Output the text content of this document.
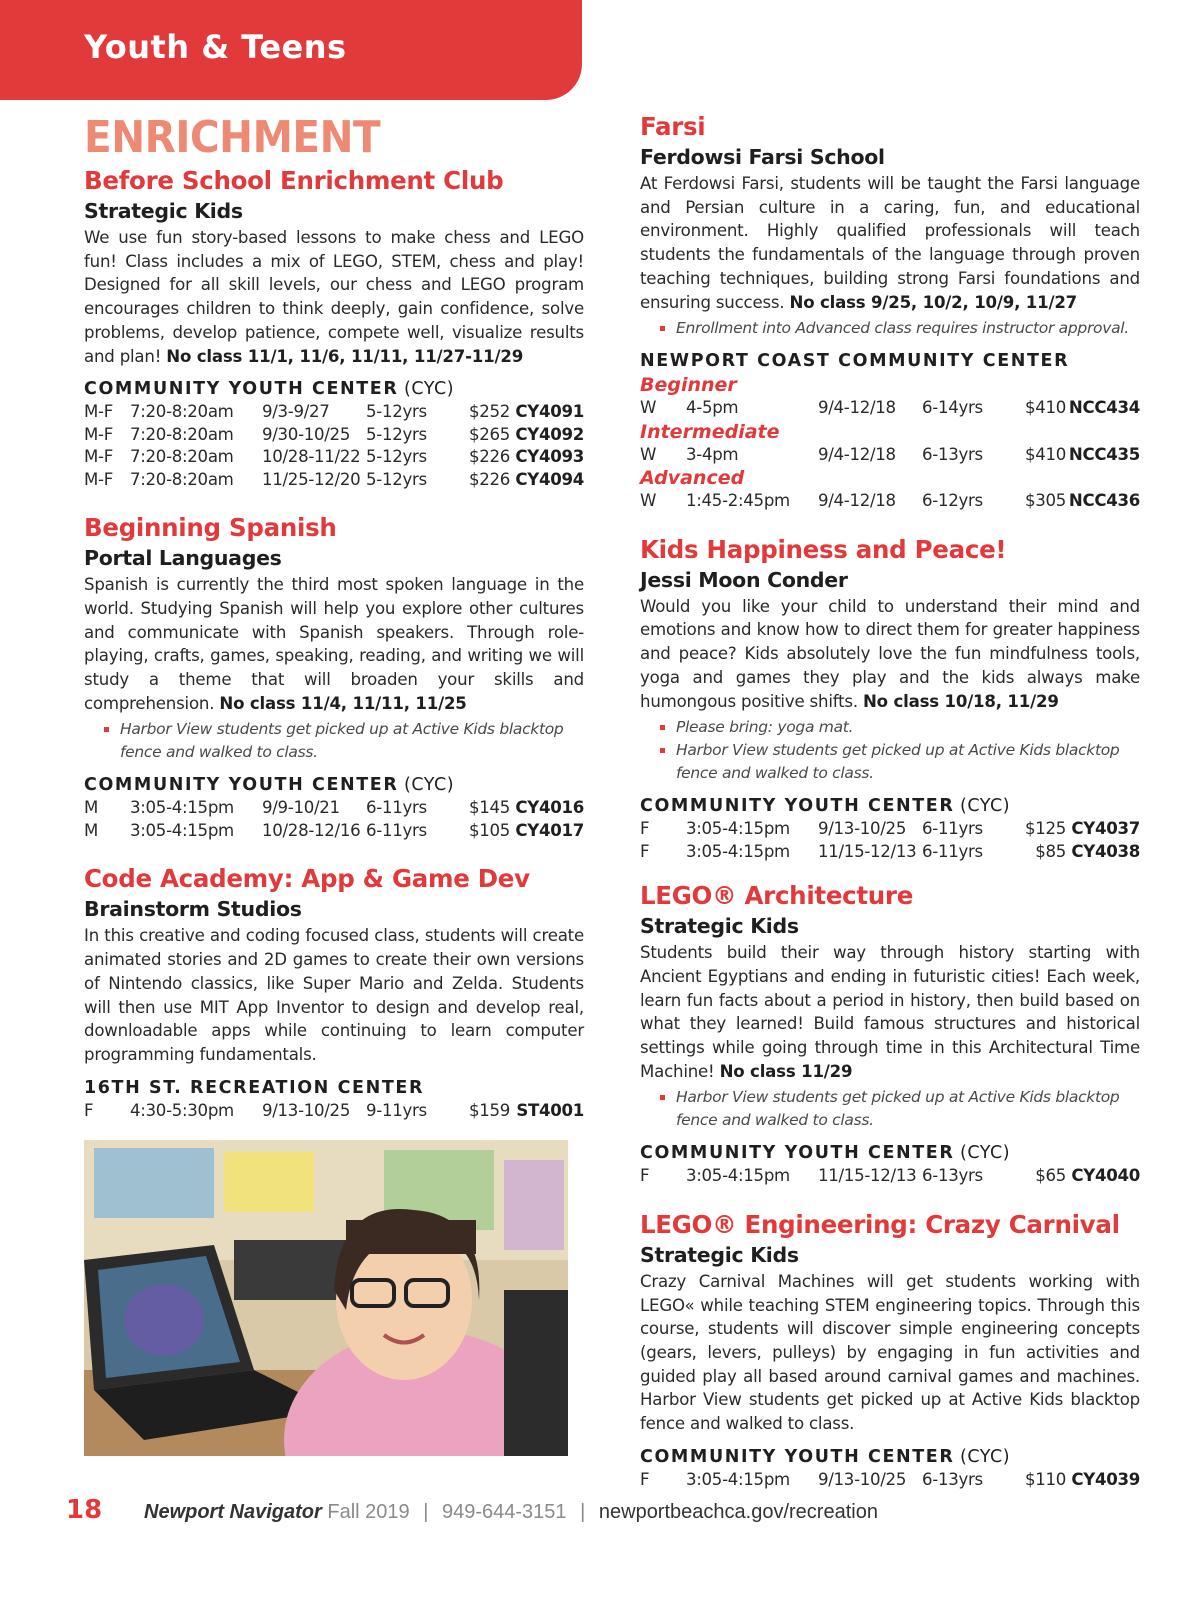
Youth & Teens
ENRICHMENT
Before School Enrichment Club
Strategic Kids
We use fun story-based lessons to make chess and LEGO fun! Class includes a mix of LEGO, STEM, chess and play! Designed for all skill levels, our chess and LEGO program encourages children to think deeply, gain confidence, solve problems, develop patience, compete well, visualize results and plan! No class 11/1, 11/6, 11/11, 11/27-11/29
COMMUNITY YOUTH CENTER (CYC)
M-F 7:20-8:20am 9/3-9/27 5-12yrs	$252 CY4091
M-F 7:20-8:20am 9/30-10/25 5-12yrs	$265 CY4092
M-F 7:20-8:20am 10/28-11/22 5-12yrs	$226 CY4093
M-F 7:20-8:20am 11/25-12/20 5-12yrs	$226 CY4094
Beginning Spanish
Portal Languages
Spanish is currently the third most spoken language in the world. Studying Spanish will help you explore other cultures and communicate with Spanish speakers. Through role-playing, crafts, games, speaking, reading, and writing we will study a theme that will broaden your skills and comprehension. No class 11/4, 11/11, 11/25
Harbor View students get picked up at Active Kids blacktop fence and walked to class.
COMMUNITY YOUTH CENTER (CYC)
M 3:05-4:15pm 9/9-10/21 6-11yrs	$145 CY4016
M 3:05-4:15pm 10/28-12/16 6-11yrs	$105 CY4017
Code Academy: App & Game Dev
Brainstorm Studios
In this creative and coding focused class, students will create animated stories and 2D games to create their own versions of Nintendo classics, like Super Mario and Zelda. Students will then use MIT App Inventor to design and develop real, downloadable apps while continuing to learn computer programming fundamentals.
16TH ST. RECREATION CENTER
F 4:30-5:30pm 9/13-10/25 9-11yrs	$159 ST4001
Farsi
Ferdowsi Farsi School
At Ferdowsi Farsi, students will be taught the Farsi language and Persian culture in a caring, fun, and educational environment. Highly qualified professionals will teach students the fundamentals of the language through proven teaching techniques, building strong Farsi foundations and ensuring success. No class 9/25, 10/2, 10/9, 11/27
Enrollment into Advanced class requires instructor approval.
NEWPORT COAST COMMUNITY CENTER
Beginner
W 4-5pm	9/4-12/18 6-14yrs	$410 NCC434
Intermediate
W 3-4pm	9/4-12/18 6-13yrs	$410 NCC435
Advanced
W 1:45-2:45pm 9/4-12/18 6-12yrs	$305 NCC436
Kids Happiness and Peace!
Jessi Moon Conder
Would you like your child to understand their mind and emotions and know how to direct them for greater happiness and peace? Kids absolutely love the fun mindfulness tools, yoga and games they play and the kids always make humongous positive shifts. No class 10/18, 11/29
Please bring: yoga mat.
Harbor View students get picked up at Active Kids blacktop fence and walked to class.
COMMUNITY YOUTH CENTER (CYC)
F 3:05-4:15pm 9/13-10/25 6-11yrs	$125 CY4037
F 3:05-4:15pm 11/15-12/13 6-11yrs	$85 CY4038
LEGO® Architecture
Strategic Kids
Students build their way through history starting with Ancient Egyptians and ending in futuristic cities! Each week, learn fun facts about a period in history, then build based on what they learned! Build famous structures and historical settings while going through time in this Architectural Time Machine! No class 11/29
Harbor View students get picked up at Active Kids blacktop fence and walked to class.
COMMUNITY YOUTH CENTER (CYC)
F 3:05-4:15pm 11/15-12/13 6-13yrs	$65 CY4040
LEGO® Engineering: Crazy Carnival
Strategic Kids
Crazy Carnival Machines will get students working with LEGO« while teaching STEM engineering topics. Through this course, students will discover simple engineering concepts (gears, levers, pulleys) by engaging in fun activities and guided play all based around carnival games and machines. Harbor View students get picked up at Active Kids blacktop fence and walked to class.
COMMUNITY YOUTH CENTER (CYC)
F 3:05-4:15pm 9/13-10/25 6-13yrs	$110 CY4039
18 Newport Navigator Fall 2019 | 949-644-3151 | newportbeachca.gov/recreation
